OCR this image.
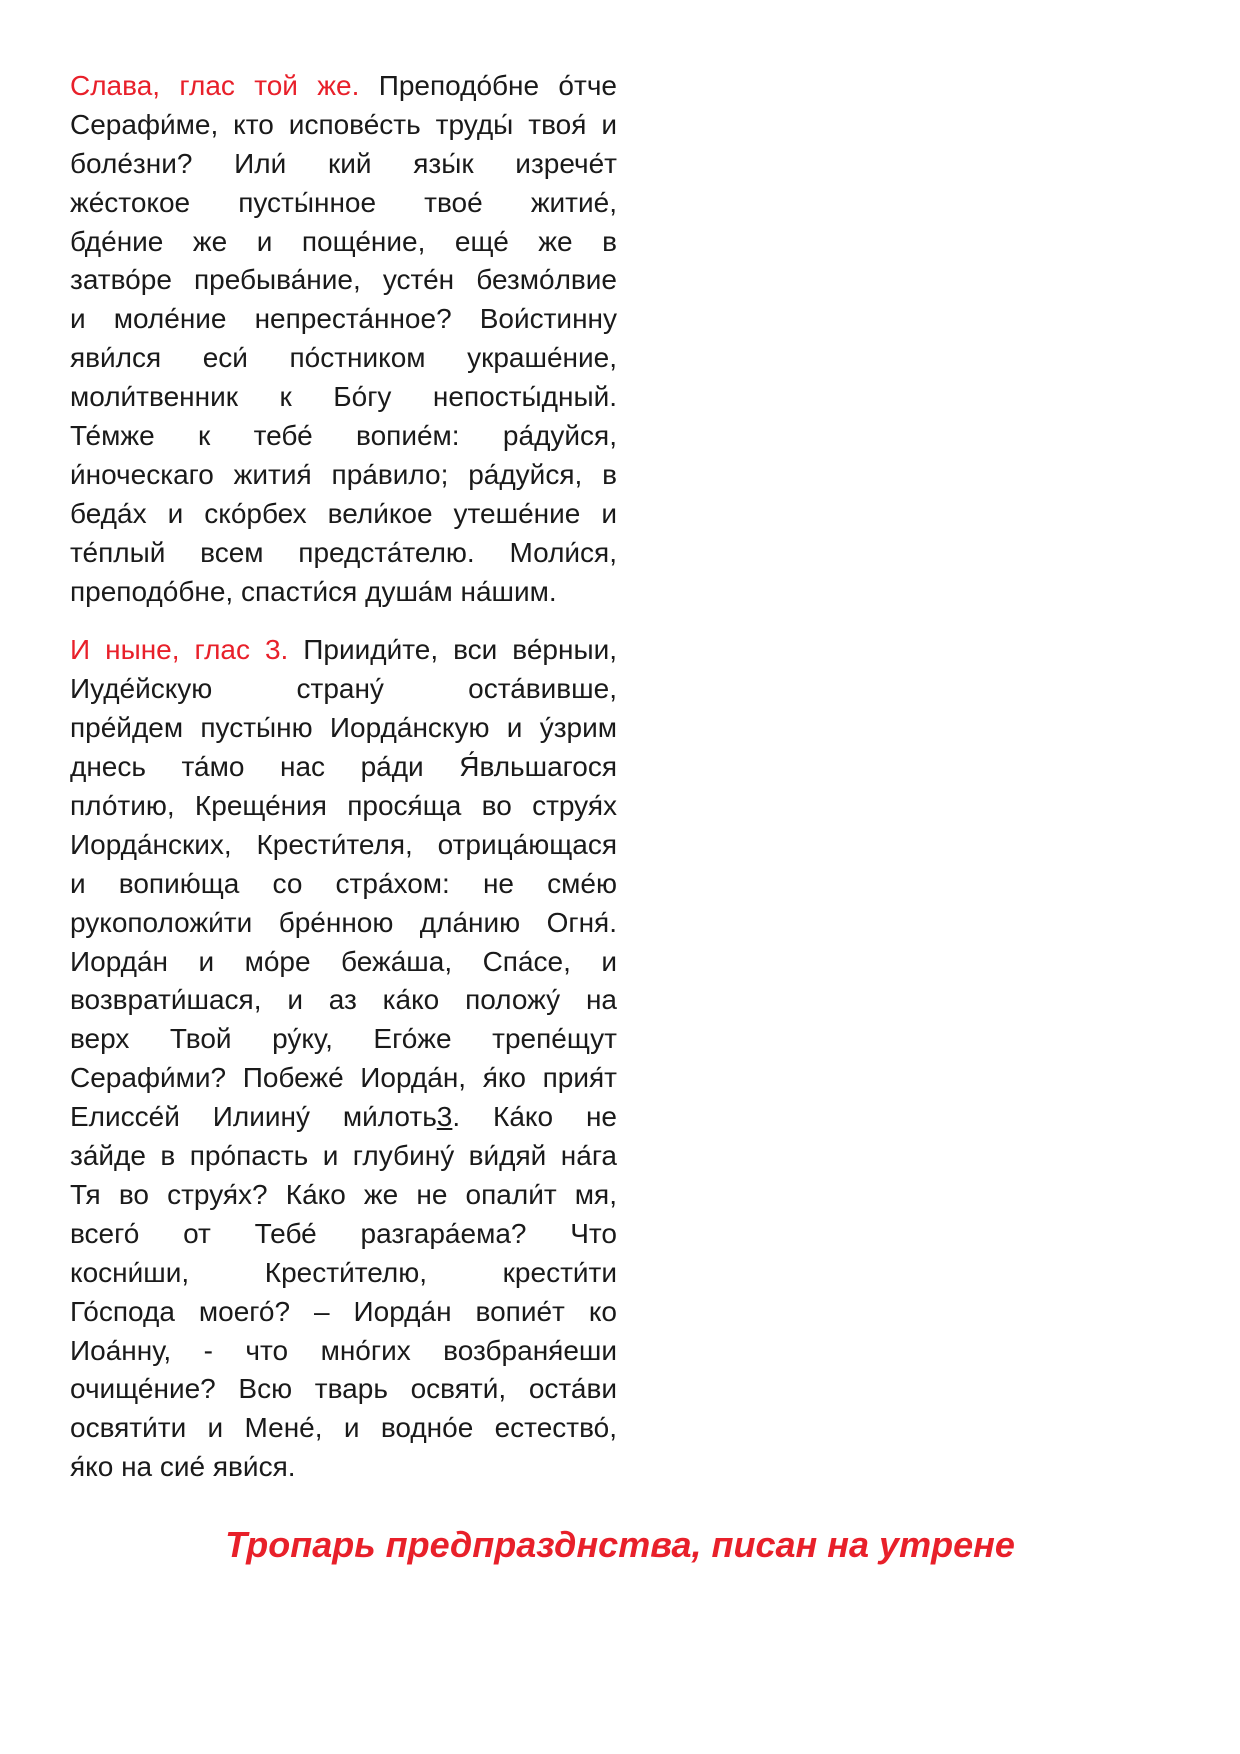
Слава, глас той же. Преподо́бне о́тче
Серафи́ме, кто испове́сть труды́ твоя́ и
боле́зни? Или́ кий язы́к изрече́т
же́стокое пусты́нное твое́ житие́,
бде́ние же и поще́ние, еще́ же в
затво́ре пребыва́ние, усте́н безмо́лвие
и моле́ние непреста́нное? Вои́стинну
яви́лся еси́ по́стником украше́ние,
моли́твенник к Бо́гу непосты́дный.
Те́мже к тебе́ вопие́м: ра́дуйся,
и́ноческаго жития́ пра́вило; ра́дуйся, в
беда́х и ско́рбех вели́кое утеше́ние и
те́плый всем предста́телю. Моли́ся,
преподо́бне, спасти́ся душа́м на́шим.
И ныне, глас 3. Прииди́те, вси ве́рныи,
Иуде́йскую страну́ оста́вивше,
пре́йдем пусты́ню Иорда́нскую и у́зрим
днесь та́мо нас ра́ди Я́вльшагося
пло́тию, Креще́ния прося́ща во струя́х
Иорда́нских, Крести́теля, отрица́ющася
и вопию́ща со стра́хом: не сме́ю
рукоположи́ти бре́нною дла́нию Огня́.
Иорда́н и мо́ре бежа́ша, Спа́се, и
возврати́шася, и аз ка́ко положу́ на
верх Твой ру́ку, Его́же трепе́щут
Серафи́ми? Побеже́ Иорда́н, я́ко прия́т
Елиссе́й Илиину́ ми́лоть3. Ка́ко не
за́йде в про́пасть и глубину́ ви́дяй на́га
Тя во струя́х? Ка́ко же не опали́т мя,
всего́ от Тебе́ разгара́ема? Что
косни́ши, Крести́телю, крести́ти
Го́спода моего́? – Иорда́н вопие́т ко
Иоа́нну, - что мно́гих возбраня́еши
очище́ние? Всю тварь освяти́, оста́ви
освяти́ти и Мене́, и водно́е естество́,
я́ко на сие́ яви́ся.
Тропарь предпразднства, писан на утрене
